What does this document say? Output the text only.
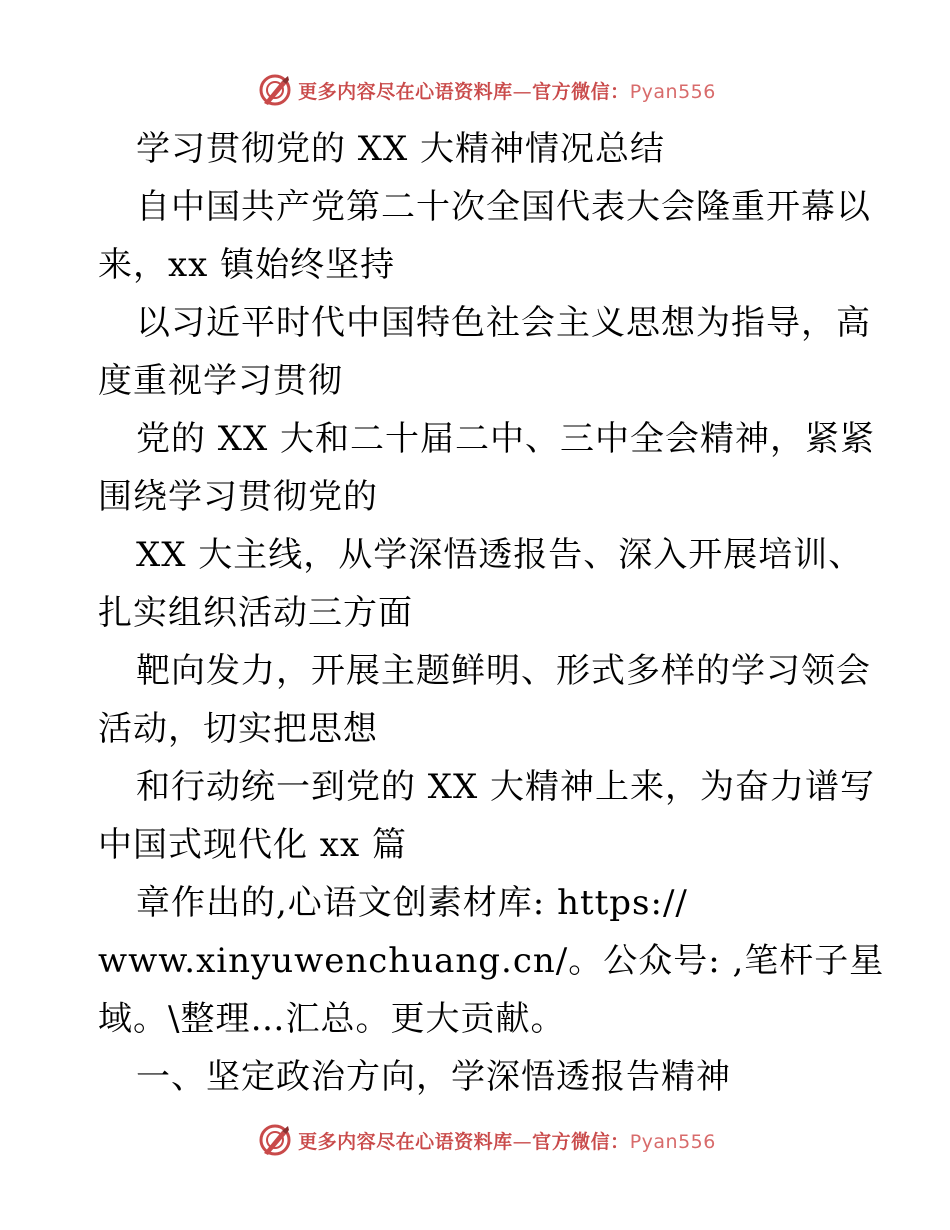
更多内容尽在心语资料库—官方微信：Pyan556
学习贯彻党的 XX 大精神情况总结
自中国共产党第二十次全国代表大会隆重开幕以
来，xx 镇始终坚持
以习近平时代中国特色社会主义思想为指导，高
度重视学习贯彻
党的 XX 大和二十届二中、三中全会精神，紧紧
围绕学习贯彻党的
XX 大主线，从学深悟透报告、深入开展培训、
扎实组织活动三方面
靶向发力，开展主题鲜明、形式多样的学习领会
活动，切实把思想
和行动统一到党的 XX 大精神上来，为奋力谱写
中国式现代化 xx 篇
章作出的,心语文创素材库: https://
www.xinyuwenchuang.cn/。公众号: ,笔杆子星
域。\整理…汇总。更大贡献。
一、坚定政治方向，学深悟透报告精神
更多内容尽在心语资料库—官方微信：Pyan556
